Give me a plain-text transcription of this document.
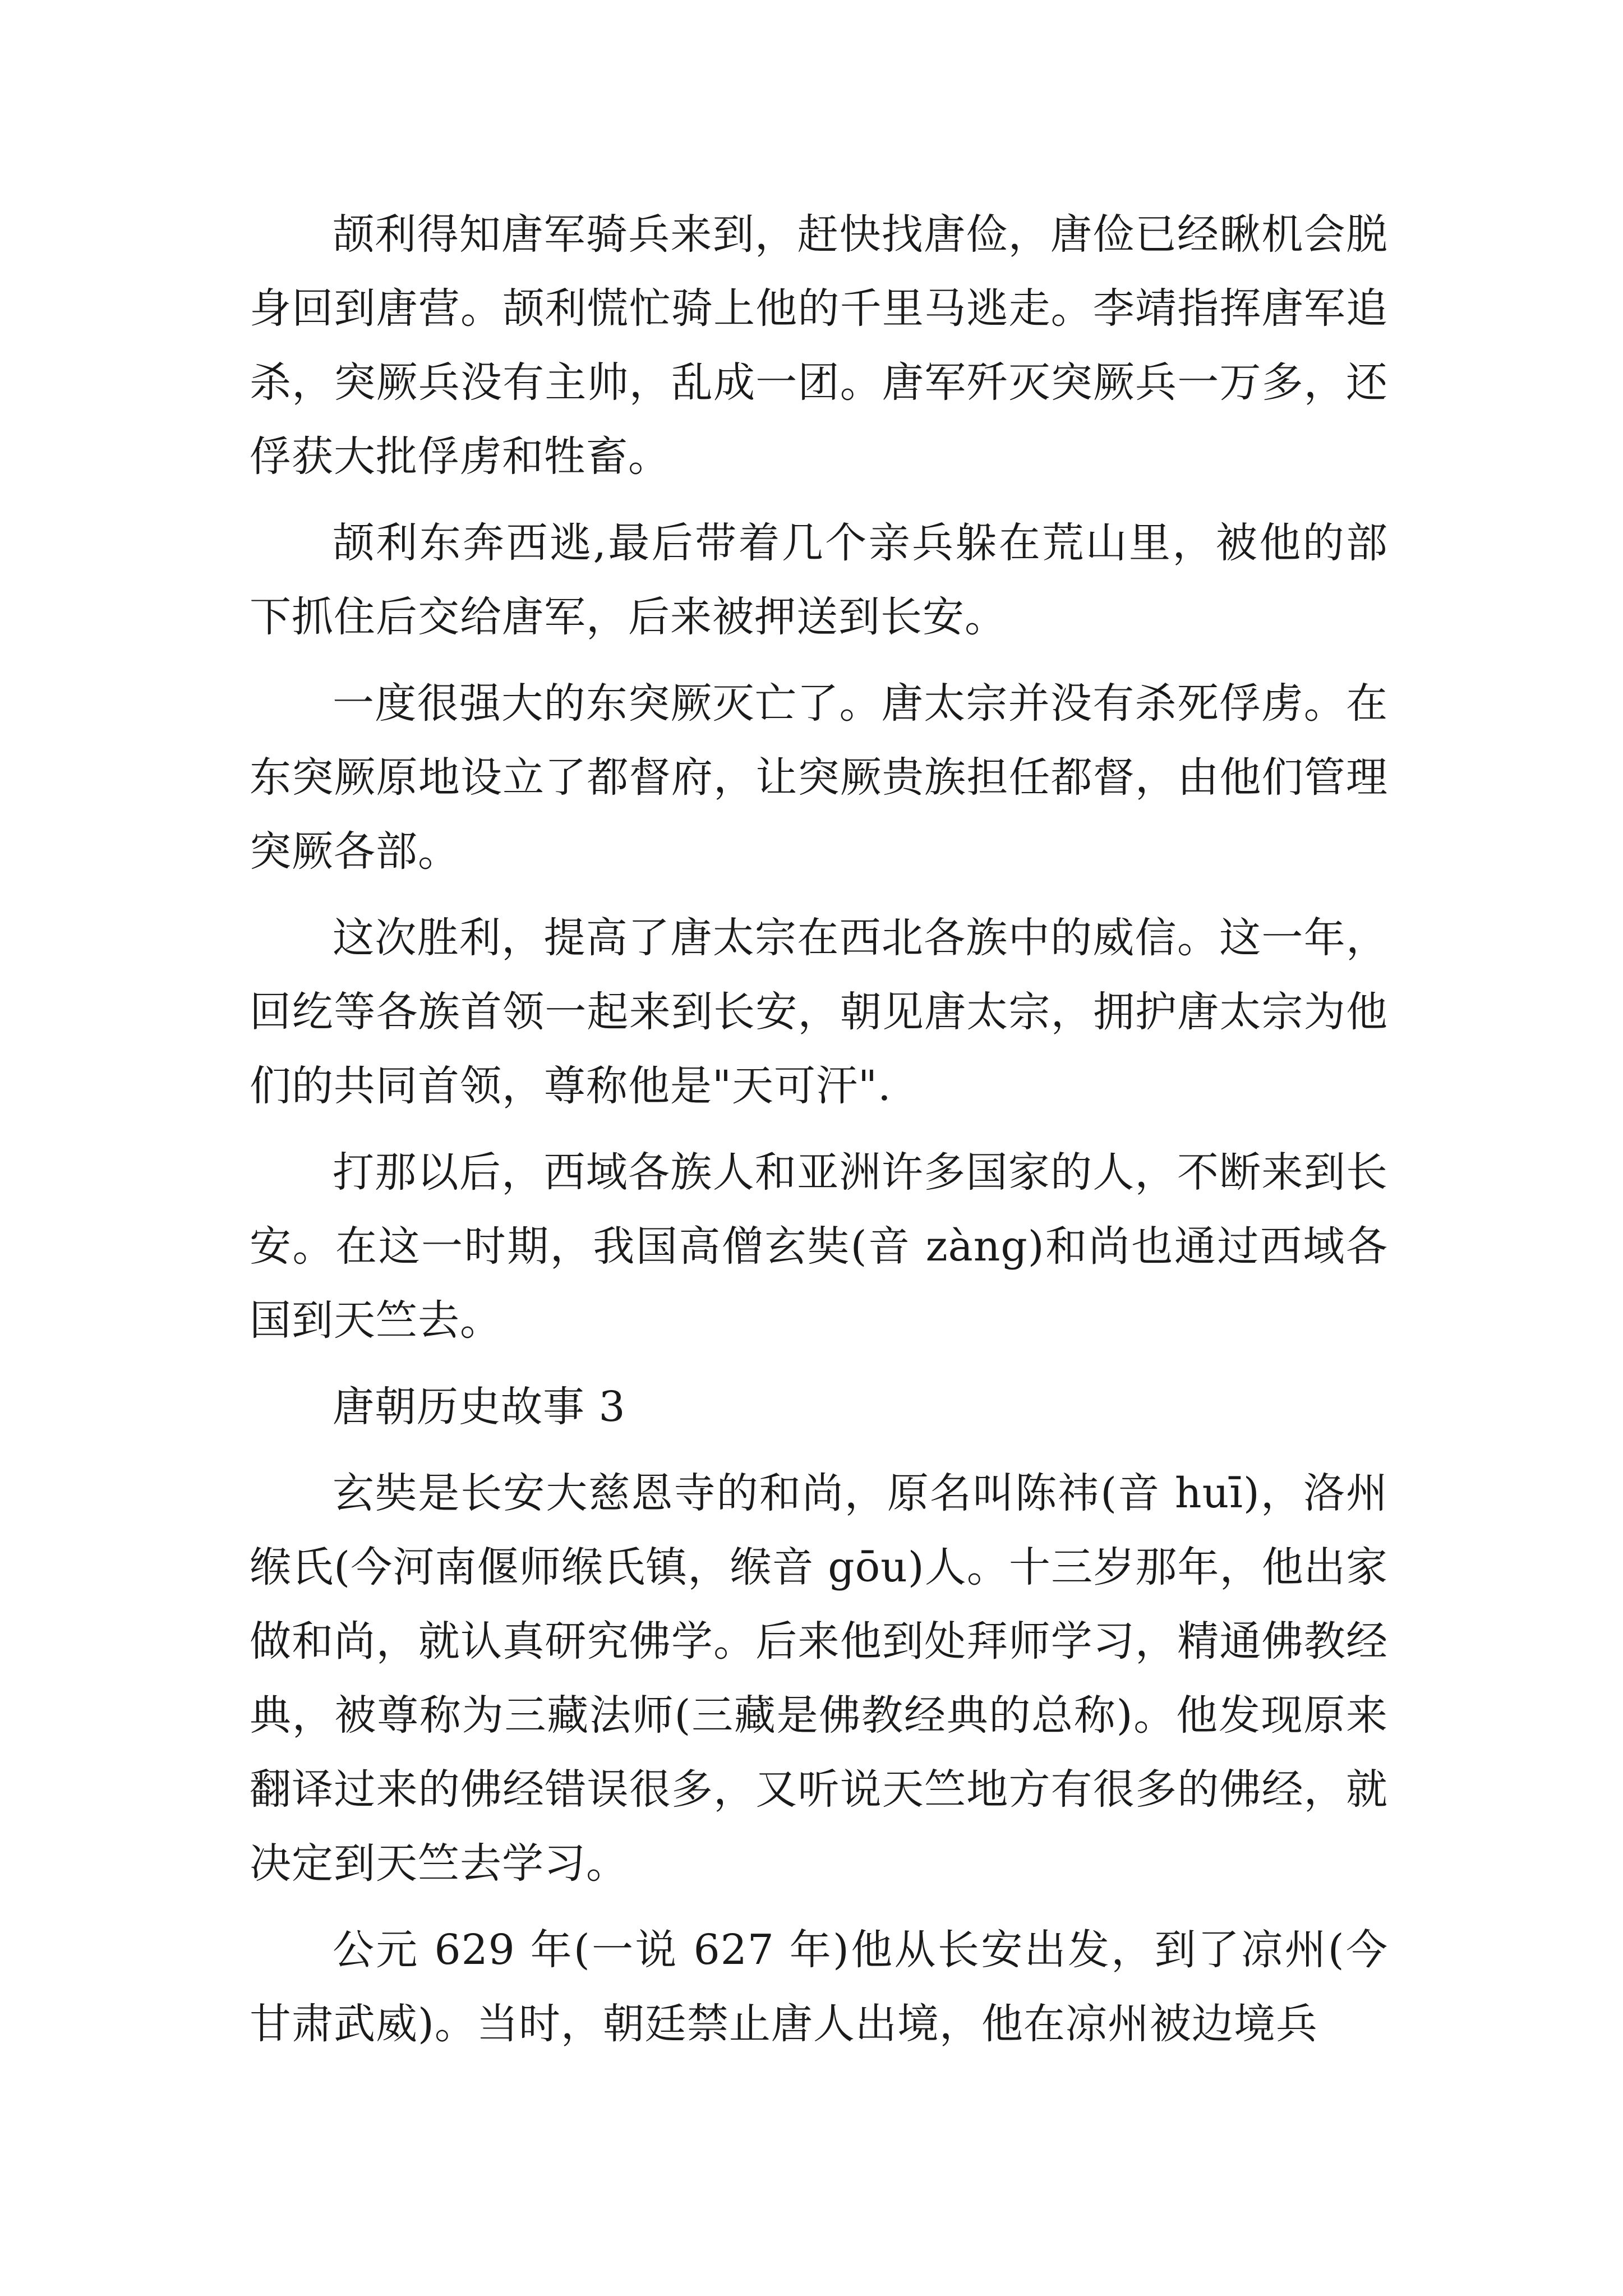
颉利得知唐军骑兵来到，赶快找唐俭，唐俭已经瞅机会脱身回到唐营。颉利慌忙骑上他的千里马逃走。李靖指挥唐军追杀，突厥兵没有主帅，乱成一团。唐军歼灭突厥兵一万多，还俘获大批俘虏和牲畜。

颉利东奔西逃,最后带着几个亲兵躲在荒山里，被他的部下抓住后交给唐军，后来被押送到长安。

一度很强大的东突厥灭亡了。唐太宗并没有杀死俘虏。在东突厥原地设立了都督府，让突厥贵族担任都督，由他们管理突厥各部。

这次胜利，提高了唐太宗在西北各族中的威信。这一年，回纥等各族首领一起来到长安，朝见唐太宗，拥护唐太宗为他们的共同首领，尊称他是"天可汗".

打那以后，西域各族人和亚洲许多国家的人，不断来到长安。在这一时期，我国高僧玄奘(音 zàng)和尚也通过西域各国到天竺去。

唐朝历史故事 3

玄奘是长安大慈恩寺的和尚，原名叫陈祎(音 huī)，洛州缑氏(今河南偃师缑氏镇，缑音 gōu)人。十三岁那年，他出家做和尚，就认真研究佛学。后来他到处拜师学习，精通佛教经典，被尊称为三藏法师(三藏是佛教经典的总称)。他发现原来翻译过来的佛经错误很多，又听说天竺地方有很多的佛经，就决定到天竺去学习。

公元 629 年(一说 627 年)他从长安出发，到了凉州(今甘肃武威)。当时，朝廷禁止唐人出境，他在凉州被边境兵
